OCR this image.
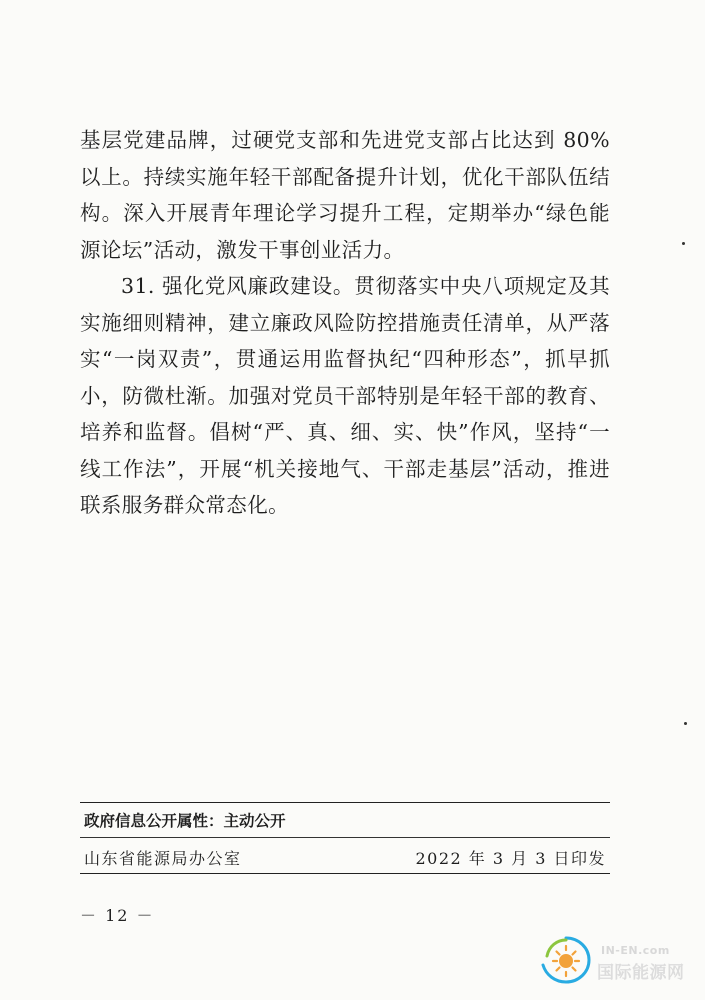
基层党建品牌，过硬党支部和先进党支部占比达到 80%以上。持续实施年轻干部配备提升计划，优化干部队伍结构。深入开展青年理论学习提升工程，定期举办“绿色能源论坛”活动，激发干事创业活力。

31. 强化党风廉政建设。贯彻落实中央八项规定及其实施细则精神，建立廉政风险防控措施责任清单，从严落实“一岗双责”，贯通运用监督执纪“四种形态”，抓早抓小，防微杜渐。加强对党员干部特别是年轻干部的教育、培养和监督。倡树“严、真、细、实、快”作风，坚持“一线工作法”，开展“机关接地气、干部走基层”活动，推进联系服务群众常态化。

政府信息公开属性：主动公开
山东省能源局办公室	2022 年 3 月 3 日印发
－ 12 －
IN-EN.com
国际能源网
